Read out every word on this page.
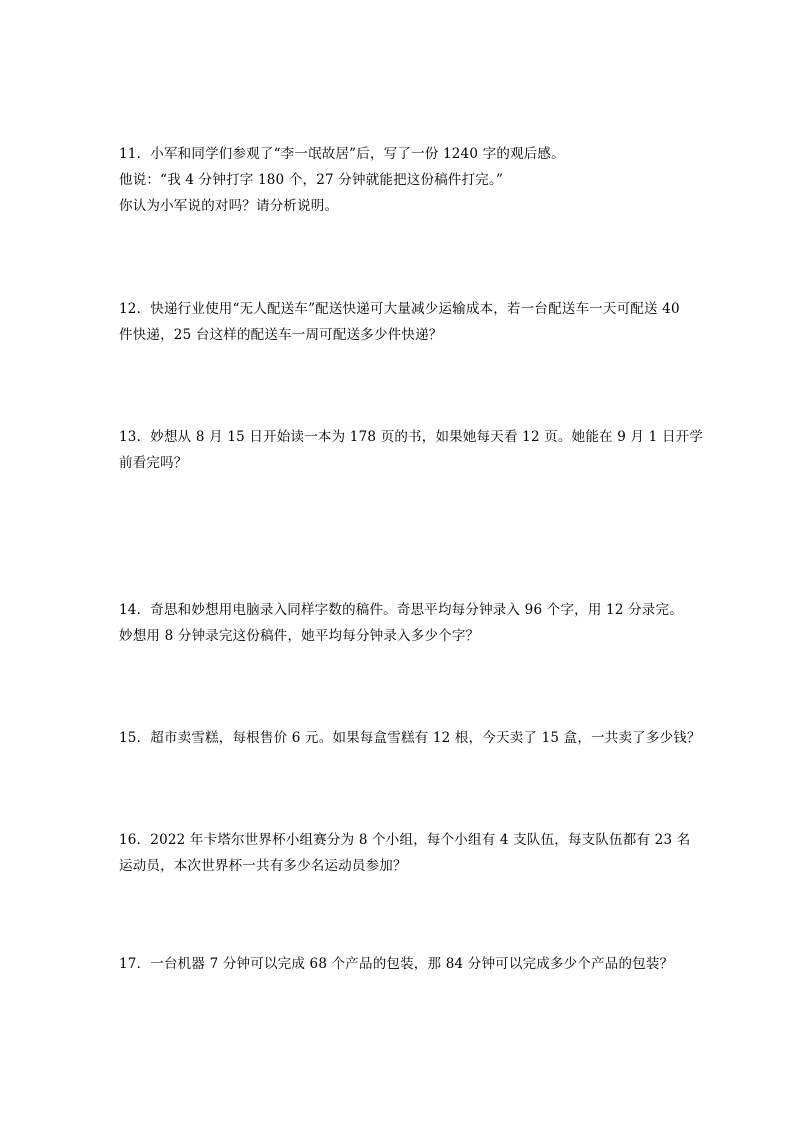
11．小军和同学们参观了“李一氓故居”后，写了一份 1240 字的观后感。
他说：“我 4 分钟打字 180 个，27 分钟就能把这份稿件打完。”
你认为小军说的对吗？请分析说明。
12．快递行业使用“无人配送车”配送快递可大量减少运输成本，若一台配送车一天可配送 40
件快递，25 台这样的配送车一周可配送多少件快递？
13．妙想从 8 月 15 日开始读一本为 178 页的书，如果她每天看 12 页。她能在 9 月 1 日开学
前看完吗？
14．奇思和妙想用电脑录入同样字数的稿件。奇思平均每分钟录入 96 个字，用 12 分录完。
妙想用 8 分钟录完这份稿件，她平均每分钟录入多少个字？
15．超市卖雪糕，每根售价 6 元。如果每盒雪糕有 12 根，今天卖了 15 盒，一共卖了多少钱？
16．2022 年卡塔尔世界杯小组赛分为 8 个小组，每个小组有 4 支队伍，每支队伍都有 23 名
运动员，本次世界杯一共有多少名运动员参加？
17．一台机器 7 分钟可以完成 68 个产品的包装，那 84 分钟可以完成多少个产品的包装？
